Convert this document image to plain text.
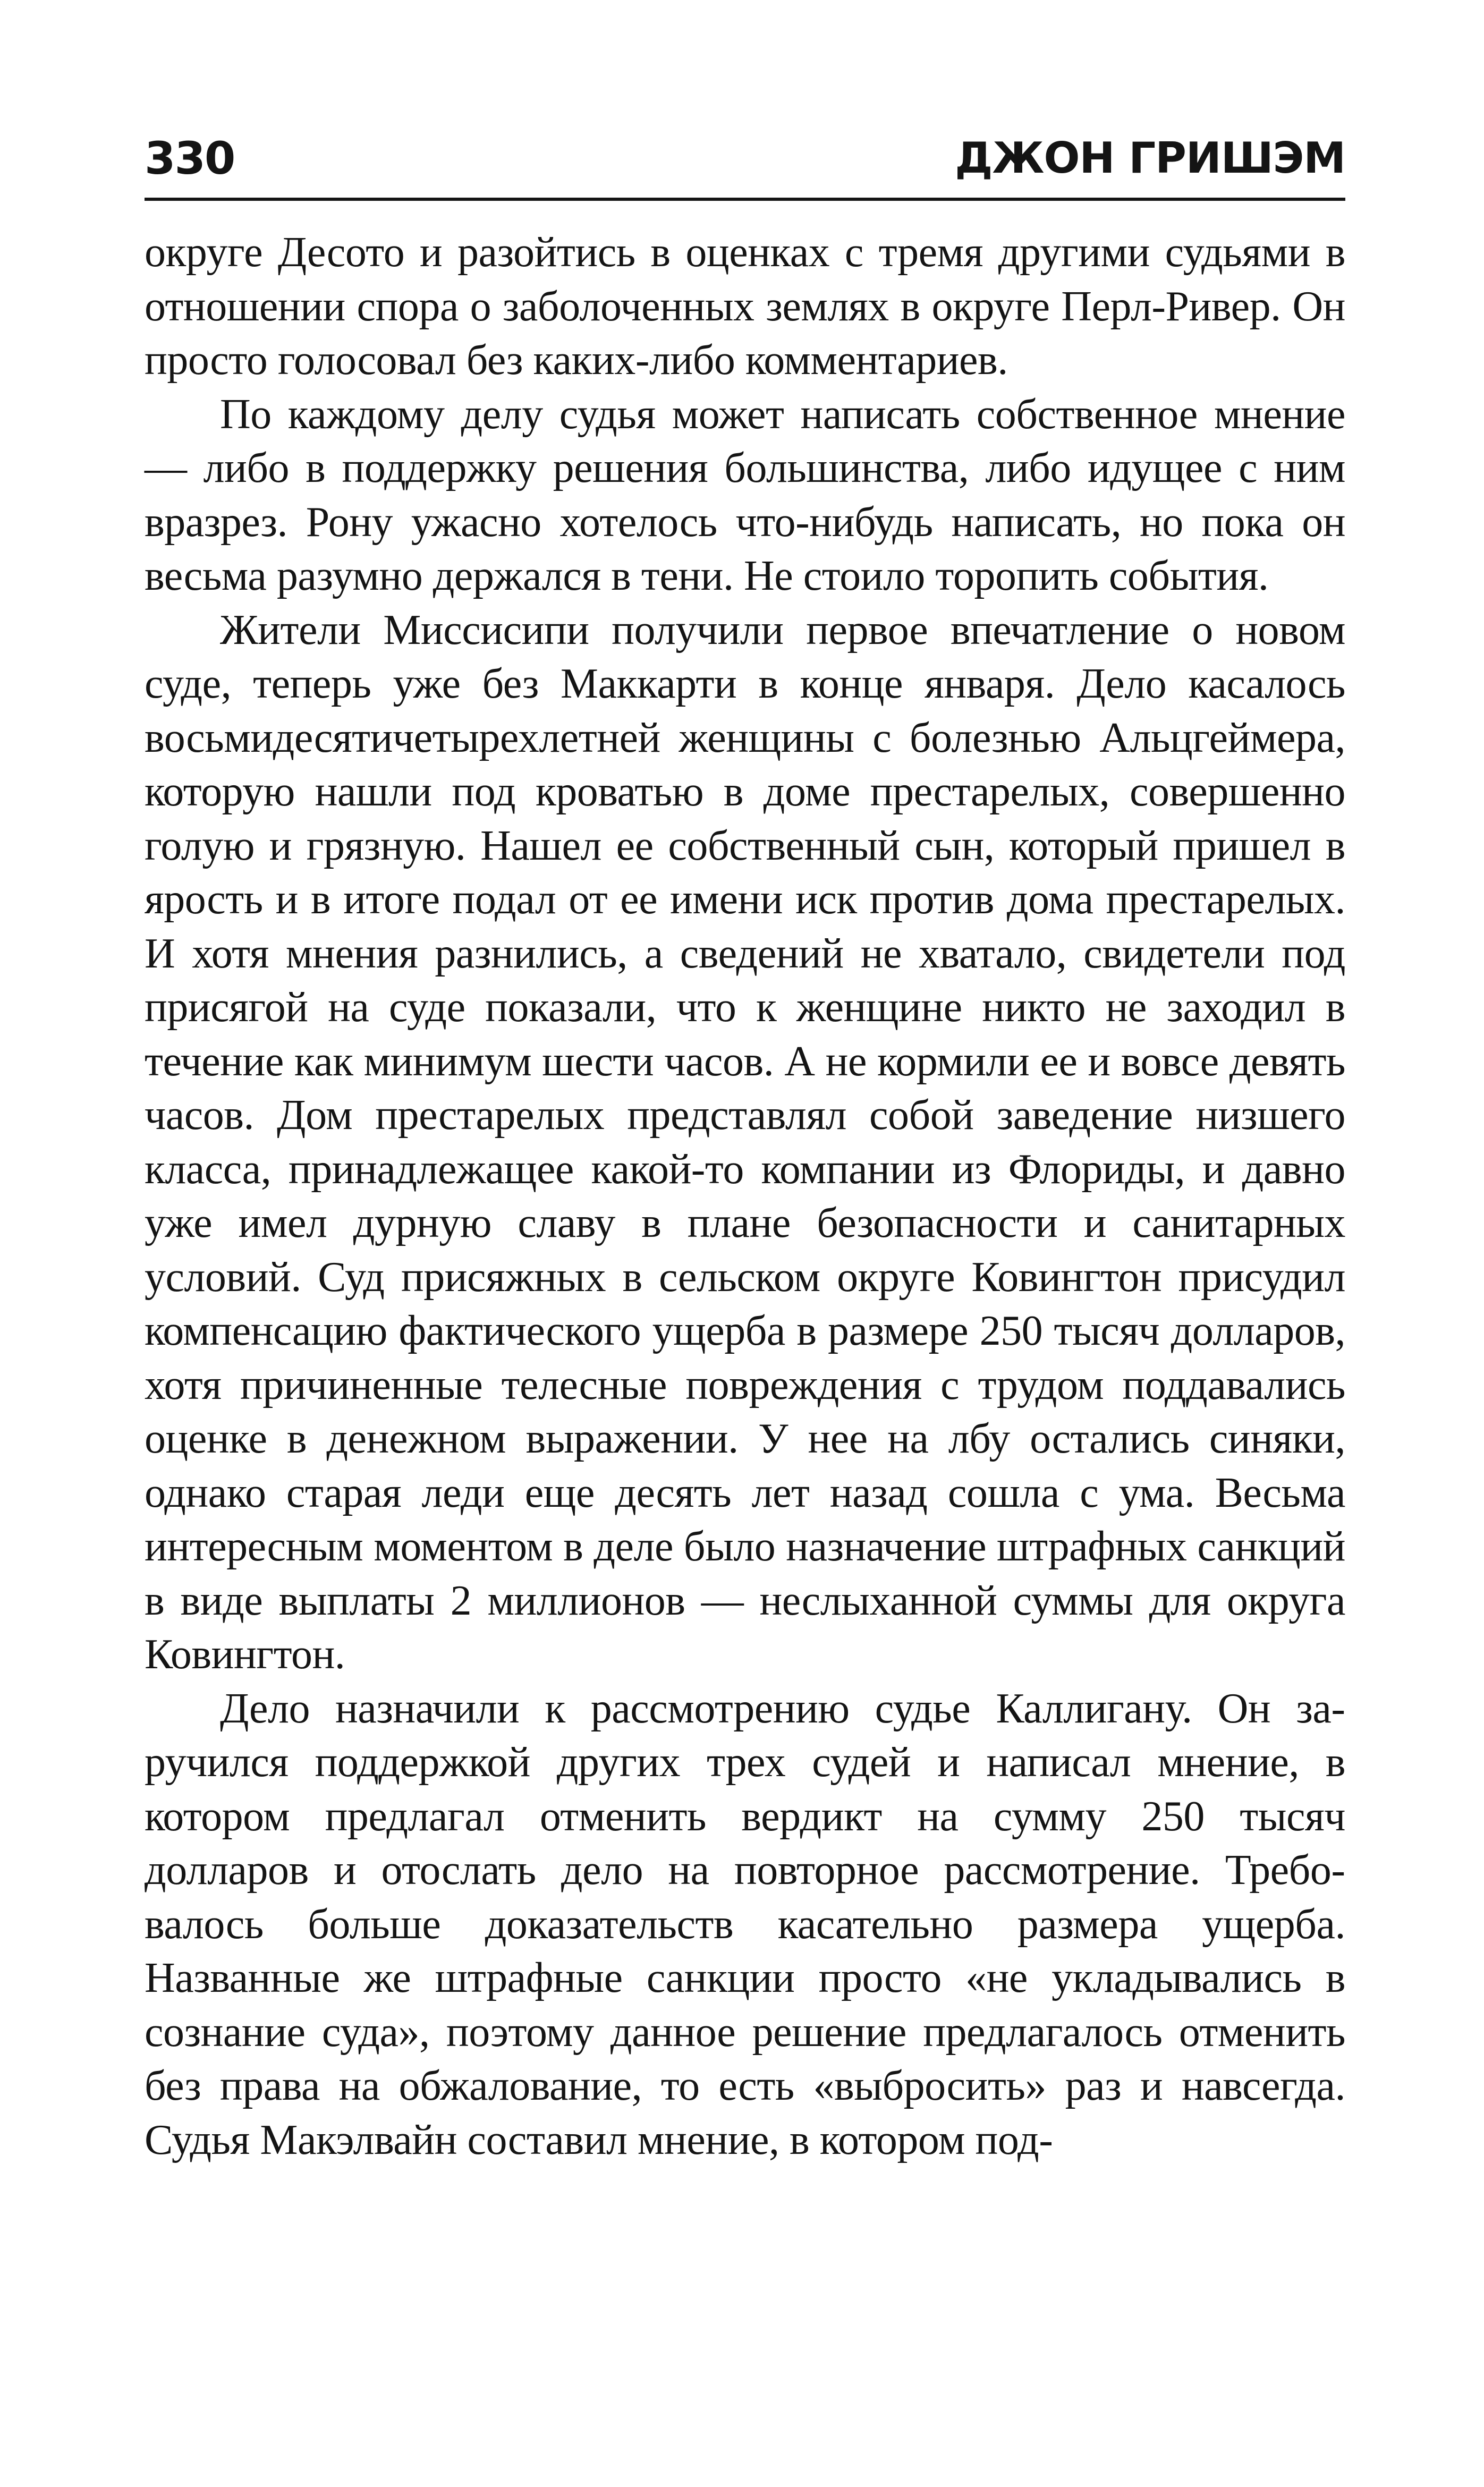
330	ДЖОН ГРИШЭМ

округе Десото и разойтись в оценках с тремя другими судьями в отношении спора о заболоченных землях в округе Перл-Ривер. Он просто голосовал без каких-либо комментариев.

По каждому делу судья может написать собственное мнение — либо в поддержку решения большинства, либо идущее с ним вразрез. Рону ужасно хотелось что-нибудь написать, но пока он весьма разумно держался в тени. Не стоило торопить события.

Жители Миссисипи получили первое впечатление о новом суде, теперь уже без Маккарти в конце января. Дело касалось восьмидесятичетырехлетней женщины с болезнью Альцгеймера, которую нашли под кроватью в доме престарелых, совершенно голую и грязную. Нашел ее собственный сын, который пришел в ярость и в итоге подал от ее имени иск против дома престарелых. И хотя мнения разнились, а сведений не хватало, свидетели под присягой на суде показали, что к женщине никто не заходил в течение как минимум шести часов. А не кормили ее и вовсе девять часов. Дом престарелых представлял собой заведение низшего класса, принадлежащее какой-то компании из Флориды, и давно уже имел дурную славу в плане безопасности и санитарных условий. Суд присяжных в сельском округе Ковингтон присудил компенсацию фактического ущерба в размере 250 тысяч долларов, хотя причиненные телесные повреждения с трудом поддавались оценке в денежном выражении. У нее на лбу остались синяки, однако старая леди еще десять лет назад сошла с ума. Весьма интересным моментом в деле было назначение штрафных санкций в виде выплаты 2 миллионов — неслыханной суммы для округа Ковингтон.

Дело назначили к рассмотрению судье Каллигану. Он заручился поддержкой других трех судей и написал мнение, в котором предлагал отменить вердикт на сумму 250 тысяч долларов и отослать дело на повторное рассмотрение. Требовалось больше доказательств касательно размера ущерба. Названные же штрафные санкции просто «не укладывались в сознание суда», поэтому данное решение предлагалось отменить без права на обжалование, то есть «выбросить» раз и навсегда. Судья Макэлвайн составил мнение, в котором под-
